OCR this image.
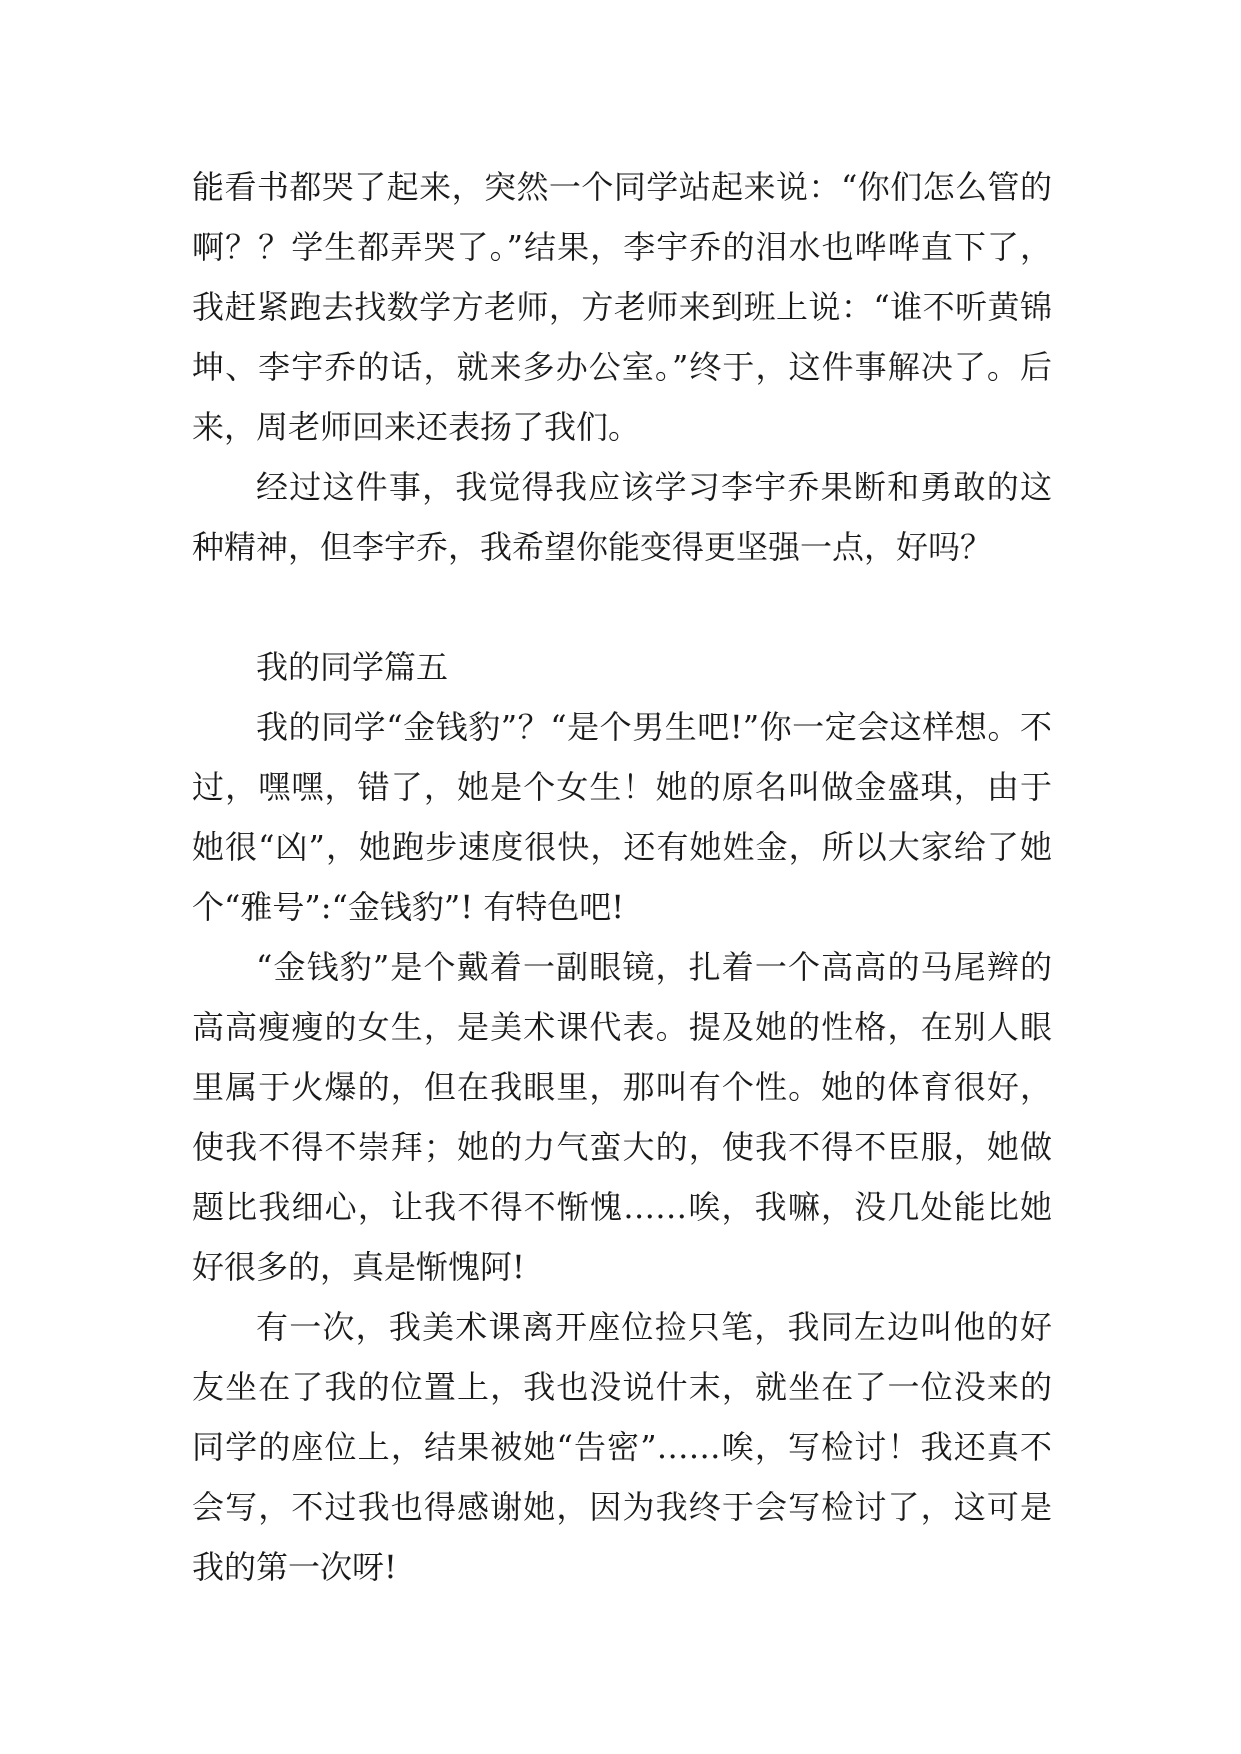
能看书都哭了起来，突然一个同学站起来说：“你们怎么管的啊？？学生都弄哭了。”结果，李宇乔的泪水也哗哗直下了，我赶紧跑去找数学方老师，方老师来到班上说：“谁不听黄锦坤、李宇乔的话，就来多办公室。”终于，这件事解决了。后来，周老师回来还表扬了我们。

经过这件事，我觉得我应该学习李宇乔果断和勇敢的这种精神，但李宇乔，我希望你能变得更坚强一点，好吗？

我的同学篇五

我的同学“金钱豹”？“是个男生吧!”你一定会这样想。不过，嘿嘿，错了，她是个女生！她的原名叫做金盛琪，由于她很“凶”，她跑步速度很快，还有她姓金，所以大家给了她个“雅号”:“金钱豹”! 有特色吧!

“金钱豹”是个戴着一副眼镜，扎着一个高高的马尾辫的高高瘦瘦的女生，是美术课代表。提及她的性格，在别人眼里属于火爆的，但在我眼里，那叫有个性。她的体育很好，使我不得不崇拜；她的力气蛮大的，使我不得不臣服，她做题比我细心，让我不得不惭愧……唉，我嘛，没几处能比她好很多的，真是惭愧阿!

有一次，我美术课离开座位捡只笔，我同左边叫他的好友坐在了我的位置上，我也没说什末，就坐在了一位没来的同学的座位上，结果被她“告密”……唉，写检讨！我还真不会写，不过我也得感谢她，因为我终于会写检讨了，这可是我的第一次呀!
